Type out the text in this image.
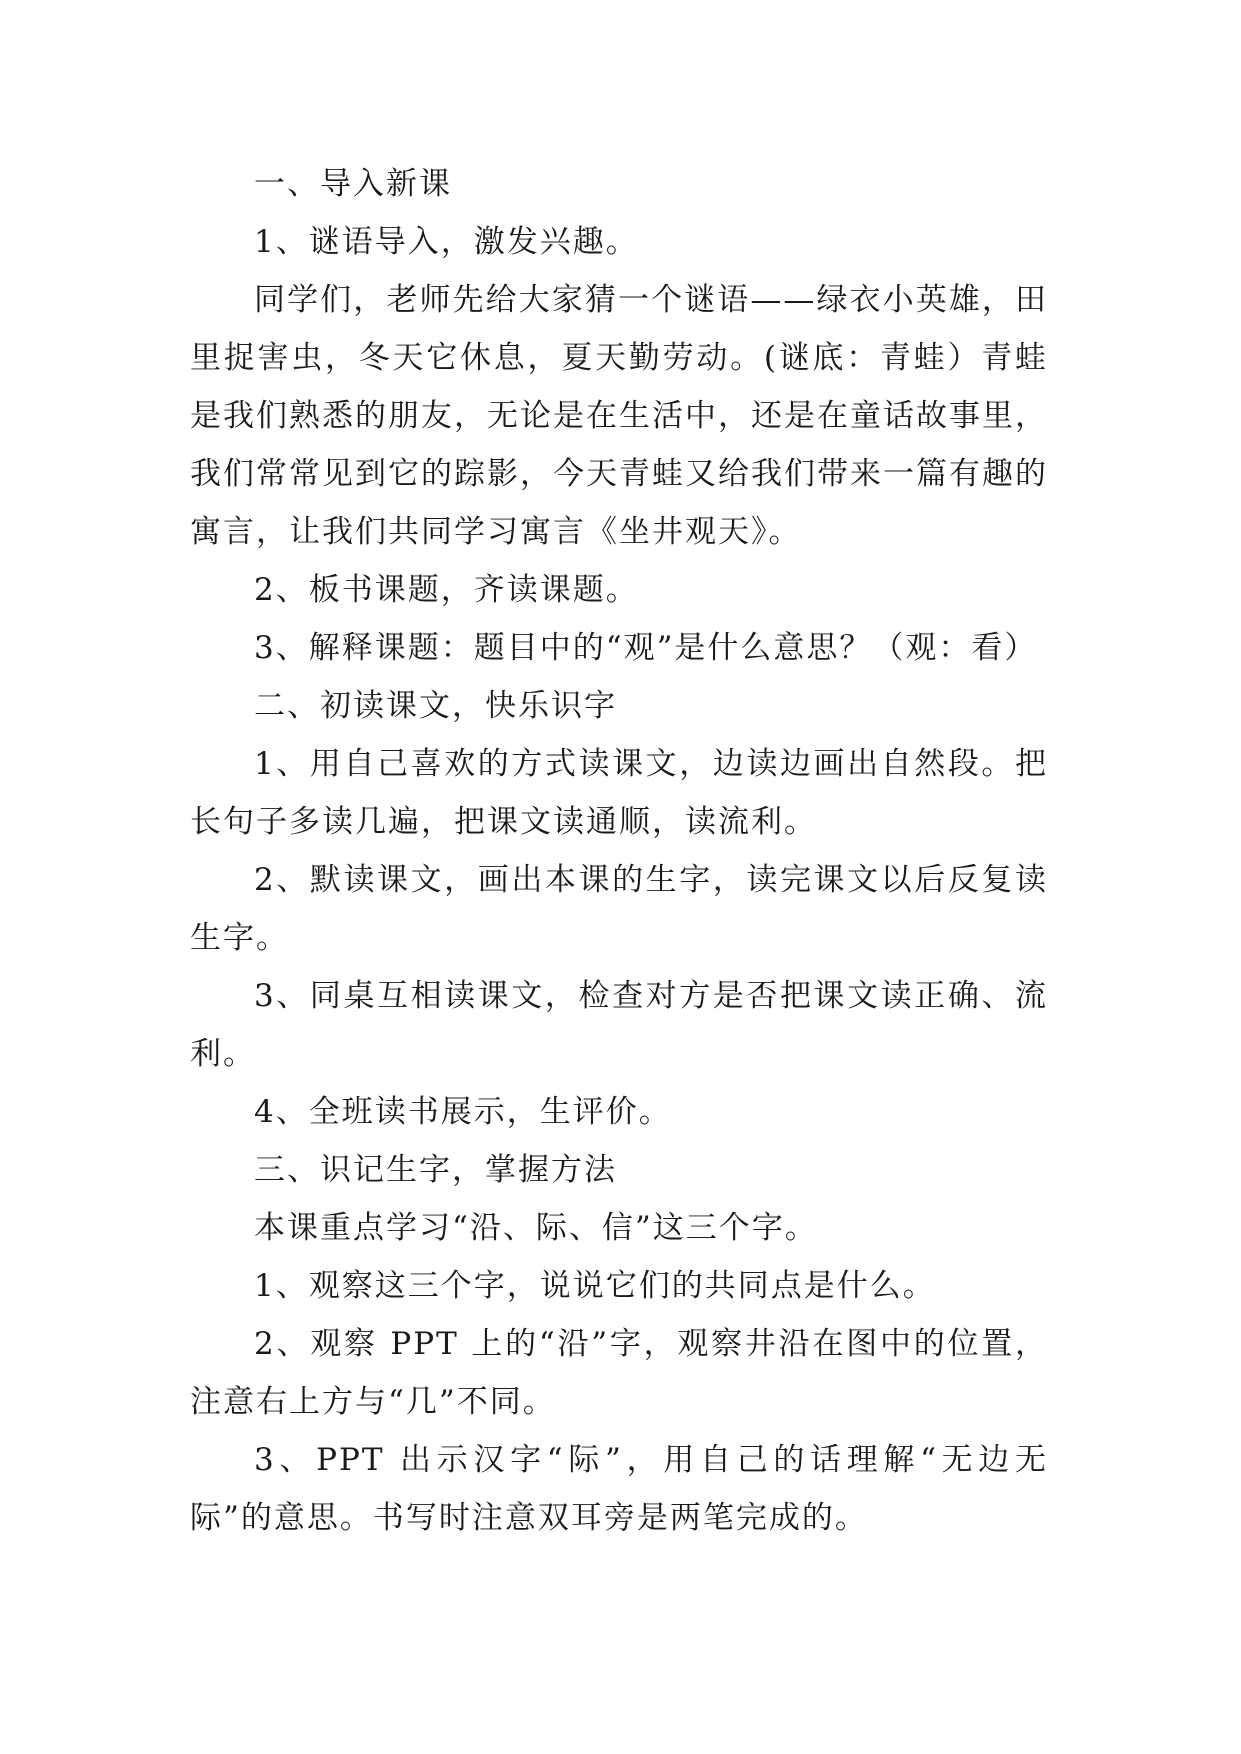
一、导入新课

1、谜语导入，激发兴趣。

同学们，老师先给大家猜一个谜语——绿衣小英雄，田里捉害虫，冬天它休息，夏天勤劳动。(谜底：青蛙）青蛙是我们熟悉的朋友，无论是在生活中，还是在童话故事里，我们常常见到它的踪影，今天青蛙又给我们带来一篇有趣的寓言，让我们共同学习寓言《坐井观天》。

2、板书课题，齐读课题。

3、解释课题：题目中的“观”是什么意思？（观：看）

二、初读课文，快乐识字

1、用自己喜欢的方式读课文，边读边画出自然段。把长句子多读几遍，把课文读通顺，读流利。

2、默读课文，画出本课的生字，读完课文以后反复读生字。

3、同桌互相读课文，检查对方是否把课文读正确、流利。

4、全班读书展示，生评价。

三、识记生字，掌握方法

本课重点学习“沿、际、信”这三个字。

1、观察这三个字，说说它们的共同点是什么。

2、观察 PPT 上的“沿”字，观察井沿在图中的位置，注意右上方与“几”不同。

3、PPT 出示汉字“际”，用自己的话理解“无边无际”的意思。书写时注意双耳旁是两笔完成的。
